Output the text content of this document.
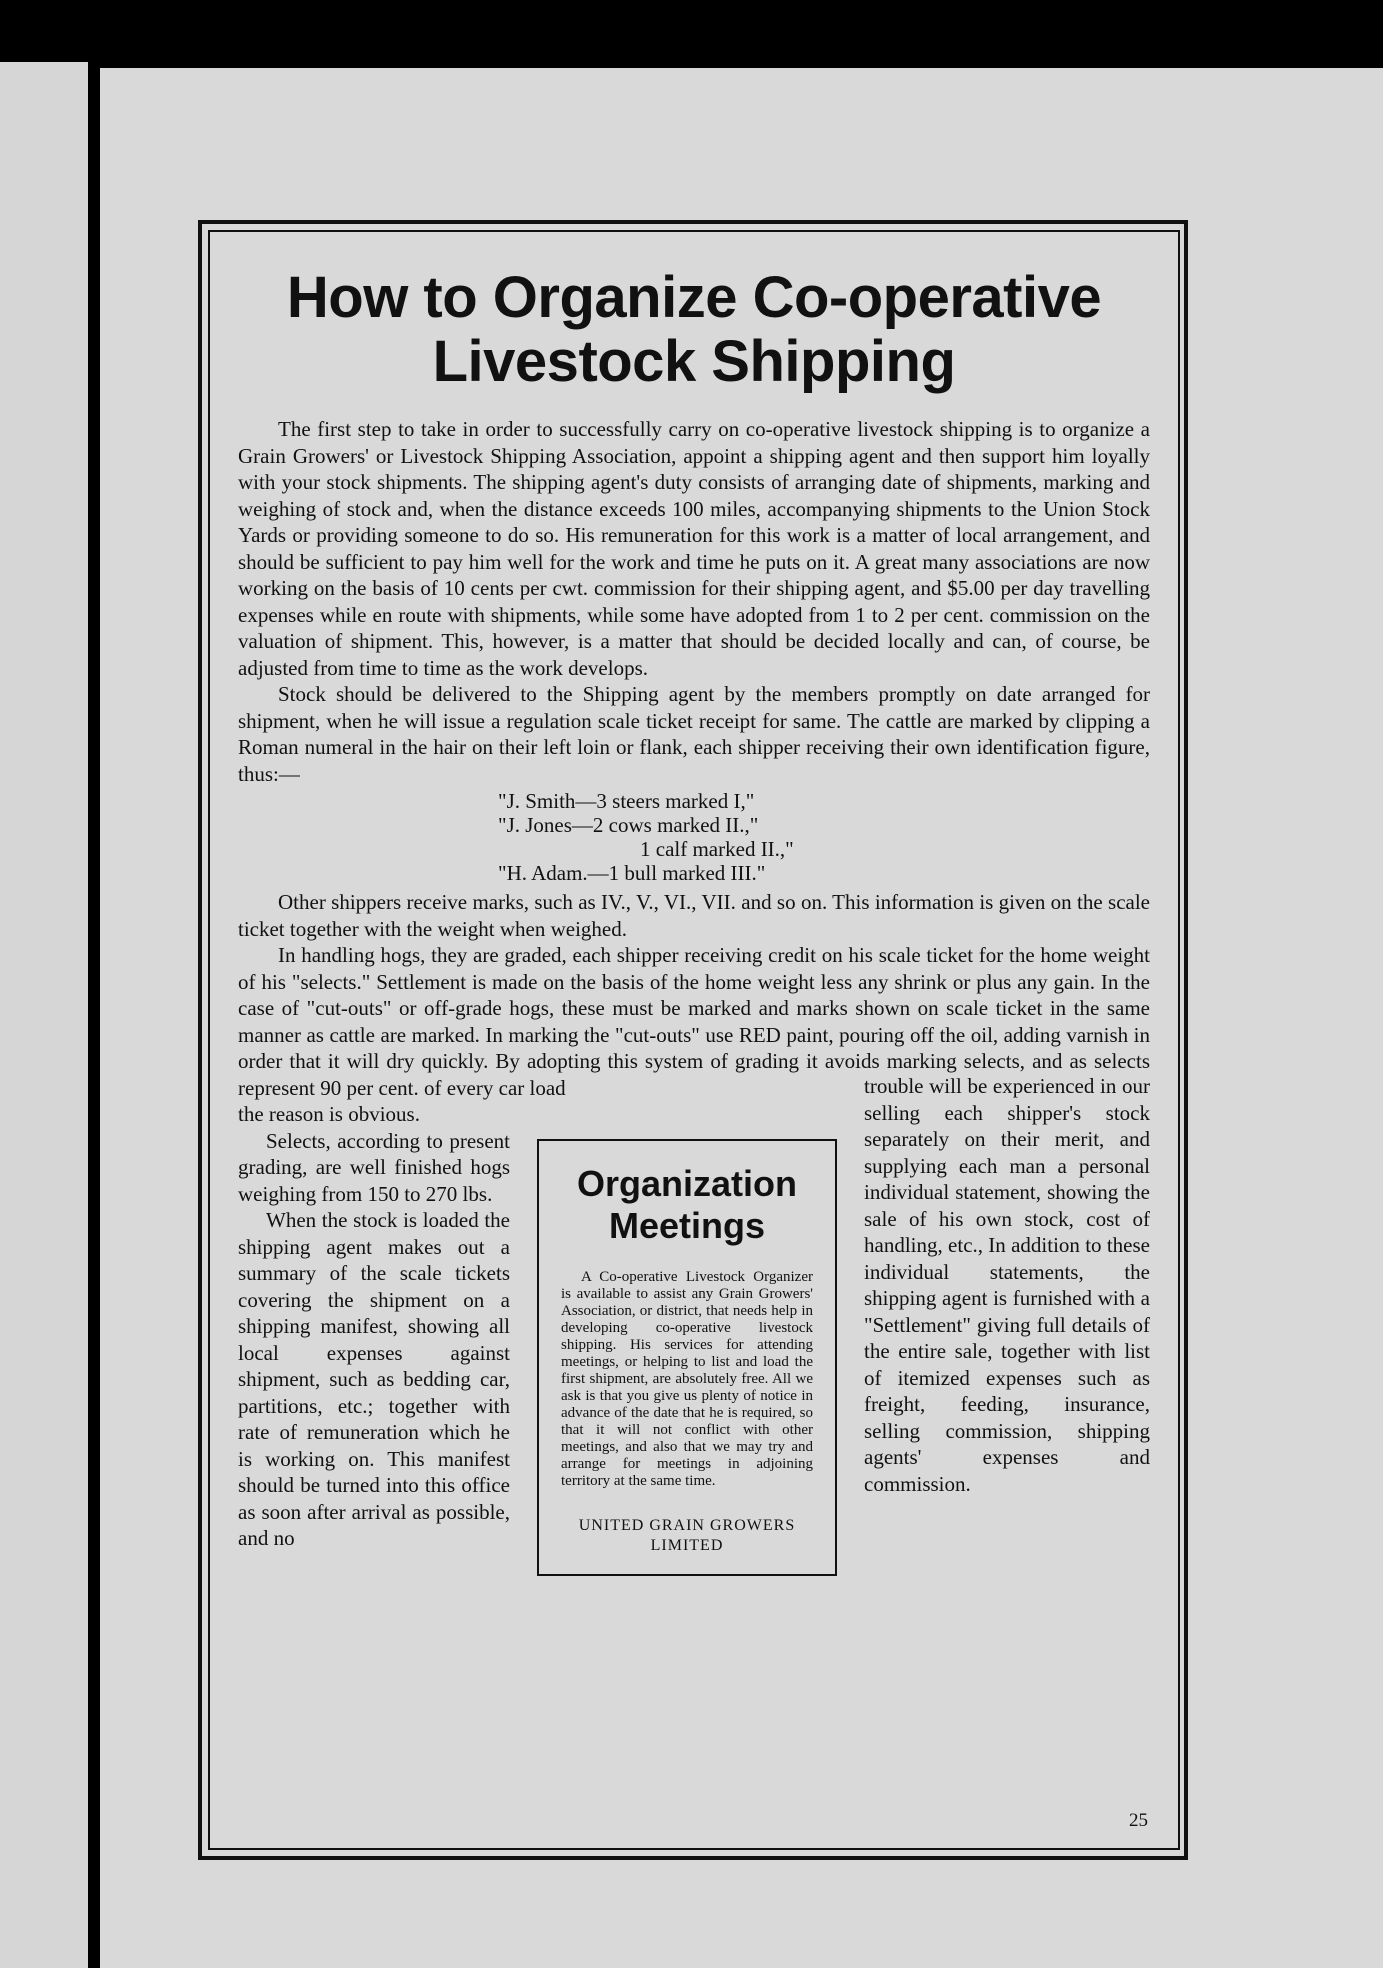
How to Organize Co-operative
Livestock Shipping

The first step to take in order to successfully carry on co-operative livestock shipping is to organize a Grain Growers' or Livestock Shipping Association, appoint a shipping agent and then support him loyally with your stock shipments. The shipping agent's duty consists of arranging date of shipments, marking and weighing of stock and, when the distance exceeds 100 miles, accompanying shipments to the Union Stock Yards or providing someone to do so. His remuneration for this work is a matter of local arrangement, and should be sufficient to pay him well for the work and time he puts on it. A great many associations are now working on the basis of 10 cents per cwt. commission for their shipping agent, and $5.00 per day travelling expenses while en route with shipments, while some have adopted from 1 to 2 per cent. commission on the valuation of shipment. This, however, is a matter that should be decided locally and can, of course, be adjusted from time to time as the work develops.

Stock should be delivered to the Shipping agent by the members promptly on date arranged for shipment, when he will issue a regulation scale ticket receipt for same. The cattle are marked by clipping a Roman numeral in the hair on their left loin or flank, each shipper receiving their own identification figure, thus:—

"J. Smith—3 steers marked I,"
"J. Jones—2 cows marked II.,"
1 calf marked II.,"
"H. Adam.—1 bull marked III."

Other shippers receive marks, such as IV., V., VI., VII. and so on. This information is given on the scale ticket together with the weight when weighed.

In handling hogs, they are graded, each shipper receiving credit on his scale ticket for the home weight of his "selects." Settlement is made on the basis of the home weight less any shrink or plus any gain. In the case of "cut-outs" or off-grade hogs, these must be marked and marks shown on scale ticket in the same manner as cattle are marked. In marking the "cut-outs" use RED paint, pouring off the oil, adding varnish in order that it will dry quickly. By adopting this system of grading it avoids marking selects, and as selects represent 90 per cent. of every car load

the reason is obvious.

Selects, according to present grading, are well finished hogs weighing from 150 to 270 lbs.

When the stock is loaded the shipping agent makes out a summary of the scale tickets covering the shipment on a shipping manifest, showing all local expenses against shipment, such as bedding car, partitions, etc.; together with rate of remuneration which he is working on. This manifest should be turned into this office as soon after arrival as possible, and no

Organization
Meetings

A Co-operative Livestock Organizer is available to assist any Grain Growers' Association, or district, that needs help in developing co-operative livestock shipping. His services for attending meetings, or helping to list and load the first shipment, are absolutely free. All we ask is that you give us plenty of notice in advance of the date that he is required, so that it will not conflict with other meetings, and also that we may try and arrange for meetings in adjoining territory at the same time.

UNITED GRAIN GROWERS
LIMITED

trouble will be experienced in our selling each shipper's stock separately on their merit, and supplying each man a personal individual statement, showing the sale of his own stock, cost of handling, etc., In addition to these individual statements, the shipping agent is furnished with a "Settlement" giving full details of the entire sale, together with list of itemized expenses such as freight, feeding, insurance, selling commission, shipping agents' expenses and commission.

25
